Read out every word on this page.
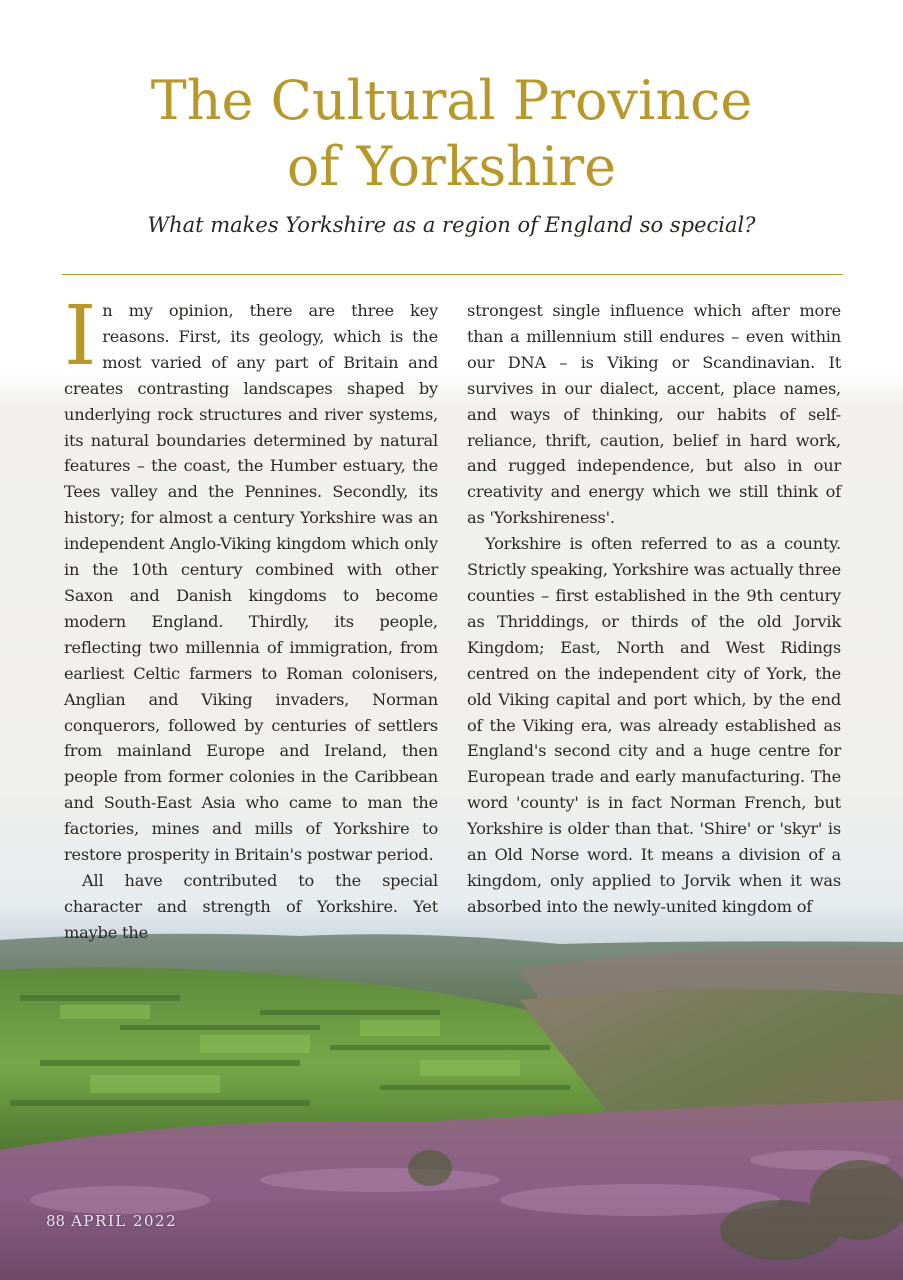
The Cultural Province
of Yorkshire
What makes Yorkshire as a region of England so special?

In my opinion, there are three key reasons. First, its geology, which is the most varied of any part of Britain and creates contrasting landscapes shaped by underlying rock structures and river systems, its natural boundaries determined by natural features – the coast, the Humber estuary, the Tees valley and the Pennines. Secondly, its history; for almost a century Yorkshire was an independent Anglo-Viking kingdom which only in the 10th century combined with other Saxon and Danish kingdoms to become modern England. Thirdly, its people, reflecting two millennia of immigration, from earliest Celtic farmers to Roman colonisers, Anglian and Viking invaders, Norman conquerors, followed by centuries of settlers from mainland Europe and Ireland, then people from former colonies in the Caribbean and South-East Asia who came to man the factories, mines and mills of Yorkshire to restore prosperity in Britain's postwar period.

All have contributed to the special character and strength of Yorkshire. Yet maybe the

strongest single influence which after more than a millennium still endures – even within our DNA – is Viking or Scandinavian. It survives in our dialect, accent, place names, and ways of thinking, our habits of self-reliance, thrift, caution, belief in hard work, and rugged independence, but also in our creativity and energy which we still think of as 'Yorkshireness'.

Yorkshire is often referred to as a county. Strictly speaking, Yorkshire was actually three counties – first established in the 9th century as Thriddings, or thirds of the old Jorvik Kingdom; East, North and West Ridings centred on the independent city of York, the old Viking capital and port which, by the end of the Viking era, was already established as England's second city and a huge centre for European trade and early manufacturing. The word 'county' is in fact Norman French, but Yorkshire is older than that. 'Shire' or 'skyr' is an Old Norse word. It means a division of a kingdom, only applied to Jorvik when it was absorbed into the newly-united kingdom of

88 APRIL 2022
